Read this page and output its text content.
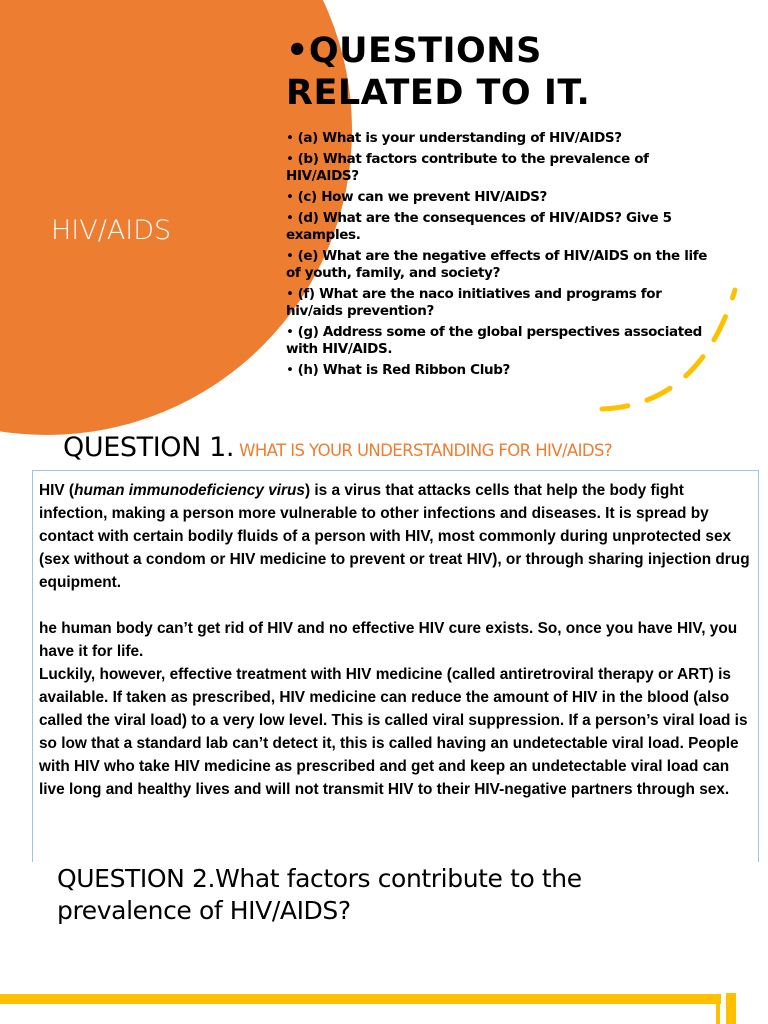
HIV/AIDS
•QUESTIONS
RELATED TO IT.
• (a) What is your understanding of HIV/AIDS?
• (b) What factors contribute to the prevalence of HIV/AIDS?
• (c) How can we prevent HIV/AIDS?
• (d) What are the consequences of HIV/AIDS? Give 5 examples.
• (e) What are the negative effects of HIV/AIDS on the life of youth, family, and society?
• (f) What are the naco initiatives and programs for hiv/aids prevention?
• (g) Address some of the global perspectives associated with HIV/AIDS.
• (h) What is Red Ribbon Club?
QUESTION 1. WHAT IS YOUR UNDERSTANDING FOR HIV/AIDS?

HIV (human immunodeficiency virus) is a virus that attacks cells that help the body fight infection, making a person more vulnerable to other infections and diseases. It is spread by contact with certain bodily fluids of a person with HIV, most commonly during unprotected sex (sex without a condom or HIV medicine to prevent or treat HIV), or through sharing injection drug equipment.

he human body can’t get rid of HIV and no effective HIV cure exists. So, once you have HIV, you have it for life.

Luckily, however, effective treatment with HIV medicine (called antiretroviral therapy or ART) is available. If taken as prescribed, HIV medicine can reduce the amount of HIV in the blood (also called the viral load) to a very low level. This is called viral suppression. If a person’s viral load is so low that a standard lab can’t detect it, this is called having an undetectable viral load. People with HIV who take HIV medicine as prescribed and get and keep an undetectable viral load can live long and healthy lives and will not transmit HIV to their HIV-negative partners through sex.

QUESTION 2.What factors contribute to the prevalence of HIV/AIDS?
